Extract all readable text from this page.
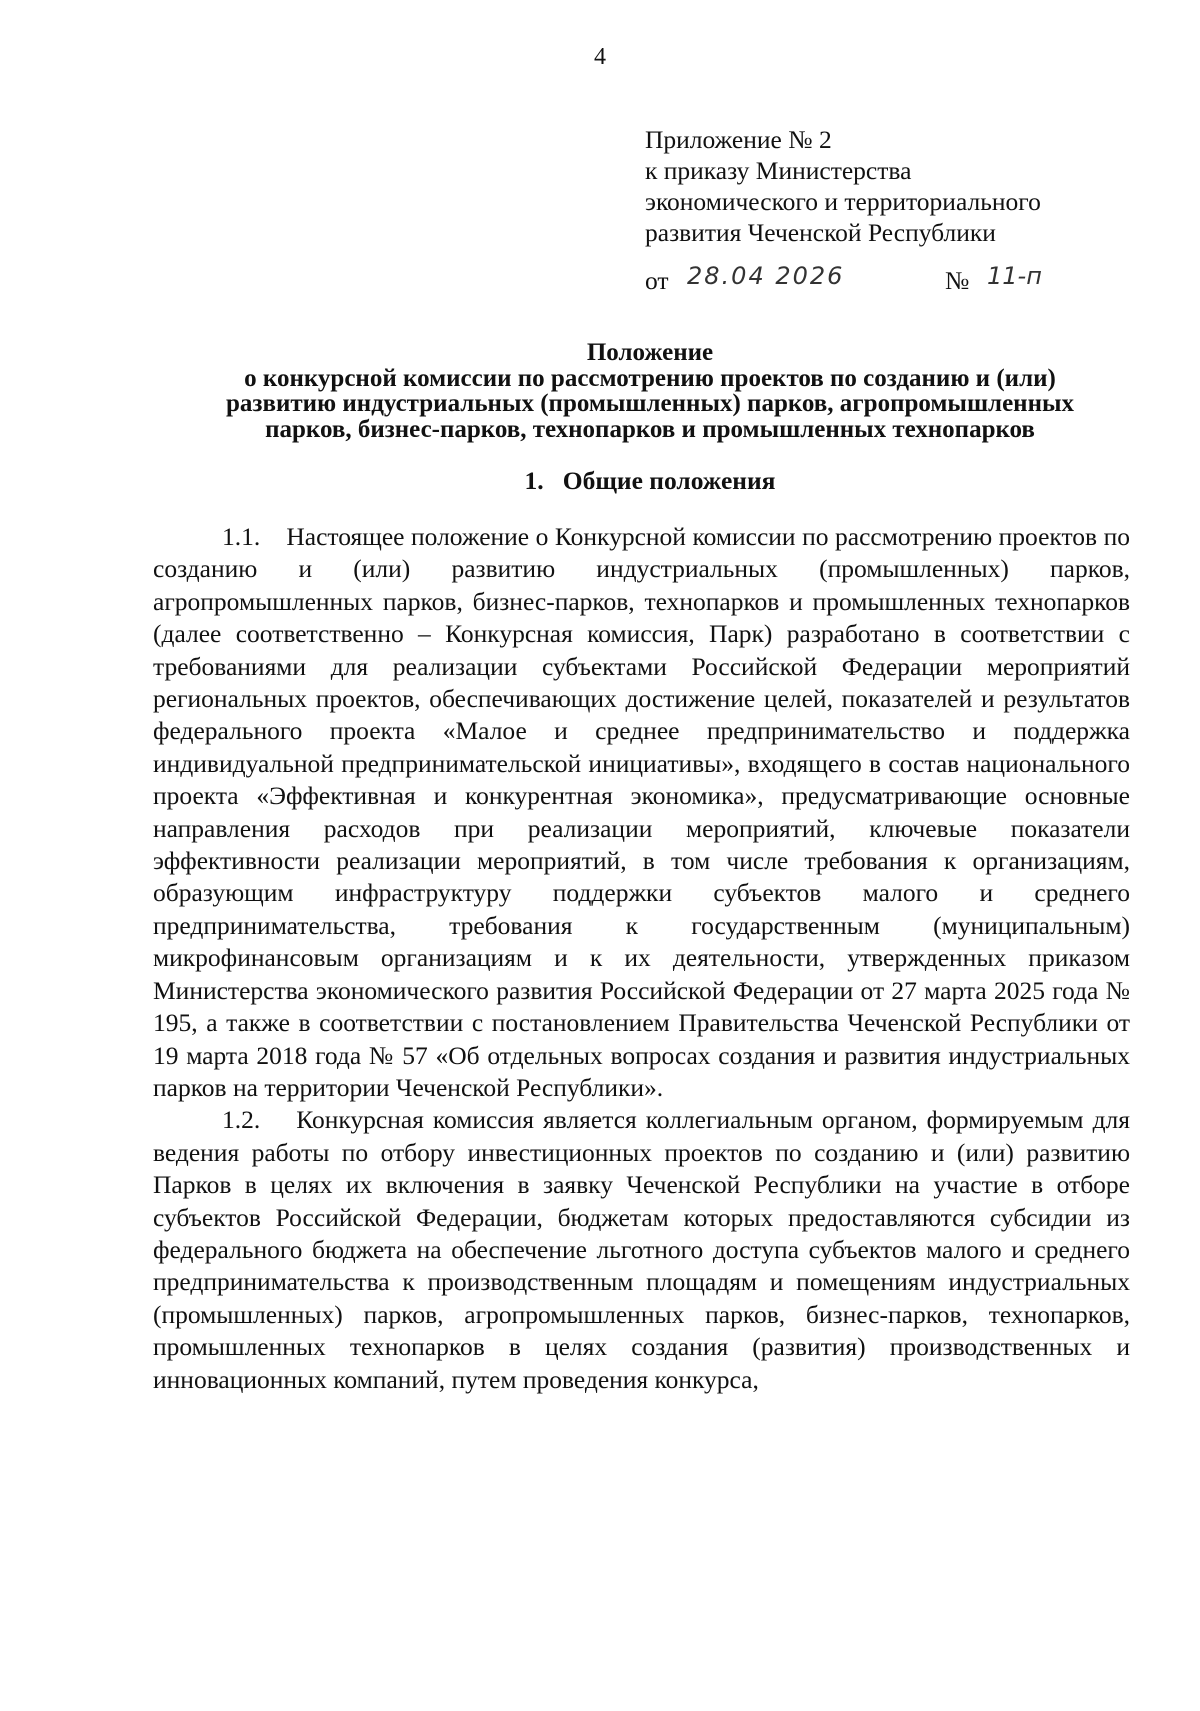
4
Приложение № 2
к приказу Министерства
экономического и территориального
развития Чеченской Республики
от 28.04 2026	№ 11-п
Положение
о конкурсной комиссии по рассмотрению проектов по созданию и (или)
развитию индустриальных (промышленных) парков, агропромышленных
парков, бизнес-парков, технопарков и промышленных технопарков
1.   Общие положения

1.1. Настоящее положение о Конкурсной комиссии по рассмотрению проектов по созданию и (или) развитию индустриальных (промышленных) парков, агропромышленных парков, бизнес-парков, технопарков и промышленных технопарков (далее соответственно – Конкурсная комиссия, Парк) разработано в соответствии с требованиями для реализации субъектами Российской Федерации мероприятий региональных проектов, обеспечивающих достижение целей, показателей и результатов федерального проекта «Малое и среднее предпринимательство и поддержка индивидуальной предпринимательской инициативы», входящего в состав национального проекта «Эффективная и конкурентная экономика», предусматривающие основные направления расходов при реализации мероприятий, ключевые показатели эффективности реализации мероприятий, в том числе требования к организациям, образующим инфраструктуру поддержки субъектов малого и среднего предпринимательства, требования к государственным (муниципальным) микрофинансовым организациям и к их деятельности, утвержденных приказом Министерства экономического развития Российской Федерации от 27 марта 2025 года № 195, а также в соответствии с постановлением Правительства Чеченской Республики от 19 марта 2018 года № 57 «Об отдельных вопросах создания и развития индустриальных парков на территории Чеченской Республики».

1.2. Конкурсная комиссия является коллегиальным органом, формируемым для ведения работы по отбору инвестиционных проектов по созданию и (или) развитию Парков в целях их включения в заявку Чеченской Республики на участие в отборе субъектов Российской Федерации, бюджетам которых предоставляются субсидии из федерального бюджета на обеспечение льготного доступа субъектов малого и среднего предпринимательства к производственным площадям и помещениям индустриальных (промышленных) парков, агропромышленных парков, бизнес-парков, технопарков, промышленных технопарков в целях создания (развития) производственных и инновационных компаний, путем проведения конкурса,
